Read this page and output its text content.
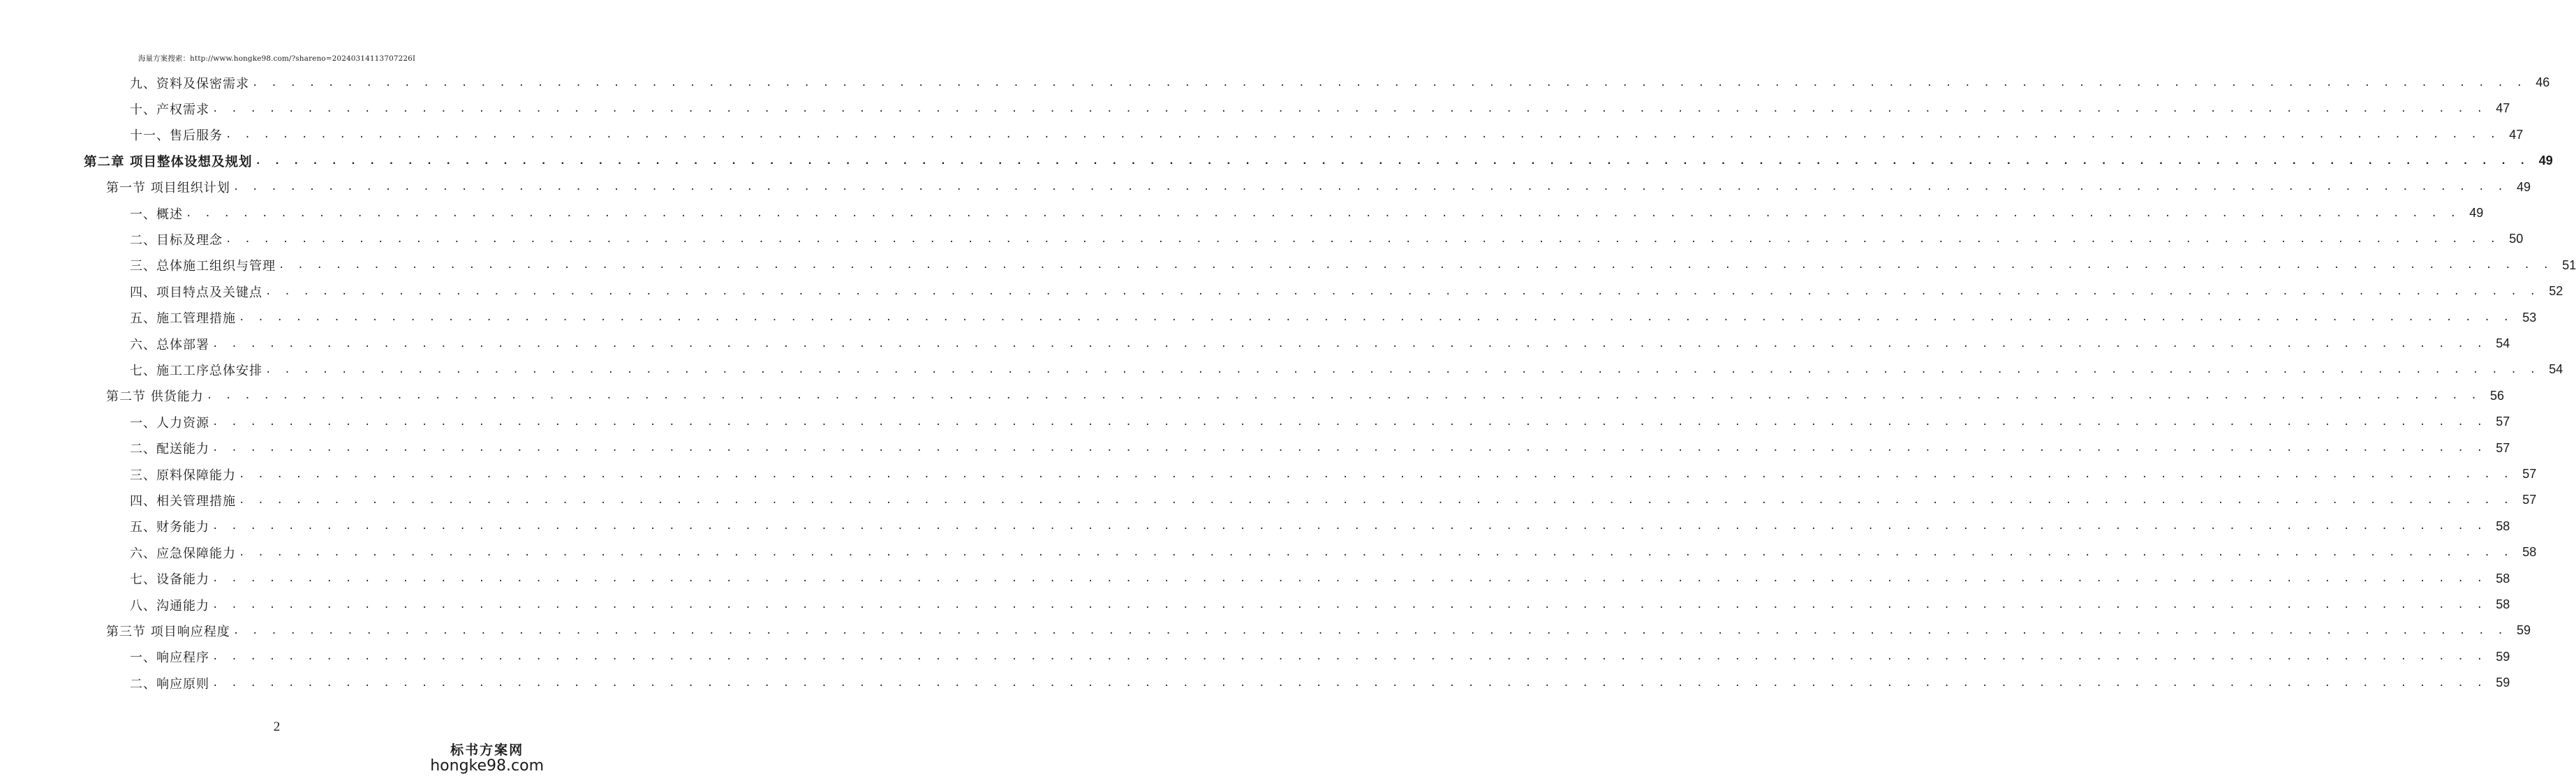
海量方案搜索：http://www.hongke98.com/?shareno=20240314113707226I
九、资料及保密需求 . . . . . . . . . . . . . . . . . . . . . . . . . . . . . . . . . . . . . . . . . . . . . . . . . . . . . . . . . . . . . . . . . . . . . . . . . . . . . . . . . . . . . . . . . . . . . . . . . . . . . . . . . . . . . . . . . . . . . . . . 46
十、产权需求 . . . . . . . . . . . . . . . . . . . . . . . . . . . . . . . . . . . . . . . . . . . . . . . . . . . . . . . . . . . . . . . . . . . . . . . . . . . . . . . . . . . . . . . . . . . . . . . . . . . . . . . . . . . . . . . . . . . . . . . . 47
十一、售后服务 . . . . . . . . . . . . . . . . . . . . . . . . . . . . . . . . . . . . . . . . . . . . . . . . . . . . . . . . . . . . . . . . . . . . . . . . . . . . . . . . . . . . . . . . . . . . . . . . . . . . . . . . . . . . . . . . . . . . . . . . 47
第二章 项目整体设想及规划 . . . . . . . . . . . . . . . . . . . . . . . . . . . . . . . . . . . . . . . . . . . . . . . . . . . . . . . . . . . . . . . . . . . . . . . . . . . . . . . . . . . . . . . . . . . . . . . . . . . . . . . . . . . . . . . . . . . . . . . . 49
第一节 项目组织计划 . . . . . . . . . . . . . . . . . . . . . . . . . . . . . . . . . . . . . . . . . . . . . . . . . . . . . . . . . . . . . . . . . . . . . . . . . . . . . . . . . . . . . . . . . . . . . . . . . . . . . . . . . . . . . . . . . . . . . . . . 49
一、概述 . . . . . . . . . . . . . . . . . . . . . . . . . . . . . . . . . . . . . . . . . . . . . . . . . . . . . . . . . . . . . . . . . . . . . . . . . . . . . . . . . . . . . . . . . . . . . . . . . . . . . . . . . . . . . . . . . . . . . . . . 49
二、目标及理念 . . . . . . . . . . . . . . . . . . . . . . . . . . . . . . . . . . . . . . . . . . . . . . . . . . . . . . . . . . . . . . . . . . . . . . . . . . . . . . . . . . . . . . . . . . . . . . . . . . . . . . . . . . . . . . . . . . . . . . . . 50
三、总体施工组织与管理 . . . . . . . . . . . . . . . . . . . . . . . . . . . . . . . . . . . . . . . . . . . . . . . . . . . . . . . . . . . . . . . . . . . . . . . . . . . . . . . . . . . . . . . . . . . . . . . . . . . . . . . . . . . . . . . . . . . . . . . . 51
四、项目特点及关键点 . . . . . . . . . . . . . . . . . . . . . . . . . . . . . . . . . . . . . . . . . . . . . . . . . . . . . . . . . . . . . . . . . . . . . . . . . . . . . . . . . . . . . . . . . . . . . . . . . . . . . . . . . . . . . . . . . . . . . . . . 52
五、施工管理措施 . . . . . . . . . . . . . . . . . . . . . . . . . . . . . . . . . . . . . . . . . . . . . . . . . . . . . . . . . . . . . . . . . . . . . . . . . . . . . . . . . . . . . . . . . . . . . . . . . . . . . . . . . . . . . . . . . . . . . . . . 53
六、总体部署 . . . . . . . . . . . . . . . . . . . . . . . . . . . . . . . . . . . . . . . . . . . . . . . . . . . . . . . . . . . . . . . . . . . . . . . . . . . . . . . . . . . . . . . . . . . . . . . . . . . . . . . . . . . . . . . . . . . . . . . . 54
七、施工工序总体安排 . . . . . . . . . . . . . . . . . . . . . . . . . . . . . . . . . . . . . . . . . . . . . . . . . . . . . . . . . . . . . . . . . . . . . . . . . . . . . . . . . . . . . . . . . . . . . . . . . . . . . . . . . . . . . . . . . . . . . . . . 54
第二节 供货能力 . . . . . . . . . . . . . . . . . . . . . . . . . . . . . . . . . . . . . . . . . . . . . . . . . . . . . . . . . . . . . . . . . . . . . . . . . . . . . . . . . . . . . . . . . . . . . . . . . . . . . . . . . . . . . . . . . . . . . . . . 56
一、人力资源 . . . . . . . . . . . . . . . . . . . . . . . . . . . . . . . . . . . . . . . . . . . . . . . . . . . . . . . . . . . . . . . . . . . . . . . . . . . . . . . . . . . . . . . . . . . . . . . . . . . . . . . . . . . . . . . . . . . . . . . . 57
二、配送能力 . . . . . . . . . . . . . . . . . . . . . . . . . . . . . . . . . . . . . . . . . . . . . . . . . . . . . . . . . . . . . . . . . . . . . . . . . . . . . . . . . . . . . . . . . . . . . . . . . . . . . . . . . . . . . . . . . . . . . . . . 57
三、原料保障能力 . . . . . . . . . . . . . . . . . . . . . . . . . . . . . . . . . . . . . . . . . . . . . . . . . . . . . . . . . . . . . . . . . . . . . . . . . . . . . . . . . . . . . . . . . . . . . . . . . . . . . . . . . . . . . . . . . . . . . . . . 57
四、相关管理措施 . . . . . . . . . . . . . . . . . . . . . . . . . . . . . . . . . . . . . . . . . . . . . . . . . . . . . . . . . . . . . . . . . . . . . . . . . . . . . . . . . . . . . . . . . . . . . . . . . . . . . . . . . . . . . . . . . . . . . . . . 57
五、财务能力 . . . . . . . . . . . . . . . . . . . . . . . . . . . . . . . . . . . . . . . . . . . . . . . . . . . . . . . . . . . . . . . . . . . . . . . . . . . . . . . . . . . . . . . . . . . . . . . . . . . . . . . . . . . . . . . . . . . . . . . . 58
六、应急保障能力 . . . . . . . . . . . . . . . . . . . . . . . . . . . . . . . . . . . . . . . . . . . . . . . . . . . . . . . . . . . . . . . . . . . . . . . . . . . . . . . . . . . . . . . . . . . . . . . . . . . . . . . . . . . . . . . . . . . . . . . . 58
七、设备能力 . . . . . . . . . . . . . . . . . . . . . . . . . . . . . . . . . . . . . . . . . . . . . . . . . . . . . . . . . . . . . . . . . . . . . . . . . . . . . . . . . . . . . . . . . . . . . . . . . . . . . . . . . . . . . . . . . . . . . . . . 58
八、沟通能力 . . . . . . . . . . . . . . . . . . . . . . . . . . . . . . . . . . . . . . . . . . . . . . . . . . . . . . . . . . . . . . . . . . . . . . . . . . . . . . . . . . . . . . . . . . . . . . . . . . . . . . . . . . . . . . . . . . . . . . . . 58
第三节 项目响应程度 . . . . . . . . . . . . . . . . . . . . . . . . . . . . . . . . . . . . . . . . . . . . . . . . . . . . . . . . . . . . . . . . . . . . . . . . . . . . . . . . . . . . . . . . . . . . . . . . . . . . . . . . . . . . . . . . . . . . . . . . 59
一、响应程序 . . . . . . . . . . . . . . . . . . . . . . . . . . . . . . . . . . . . . . . . . . . . . . . . . . . . . . . . . . . . . . . . . . . . . . . . . . . . . . . . . . . . . . . . . . . . . . . . . . . . . . . . . . . . . . . . . . . . . . . . 59
二、响应原则 . . . . . . . . . . . . . . . . . . . . . . . . . . . . . . . . . . . . . . . . . . . . . . . . . . . . . . . . . . . . . . . . . . . . . . . . . . . . . . . . . . . . . . . . . . . . . . . . . . . . . . . . . . . . . . . . . . . . . . . . 59
2
标书方案网
hongke98.com
